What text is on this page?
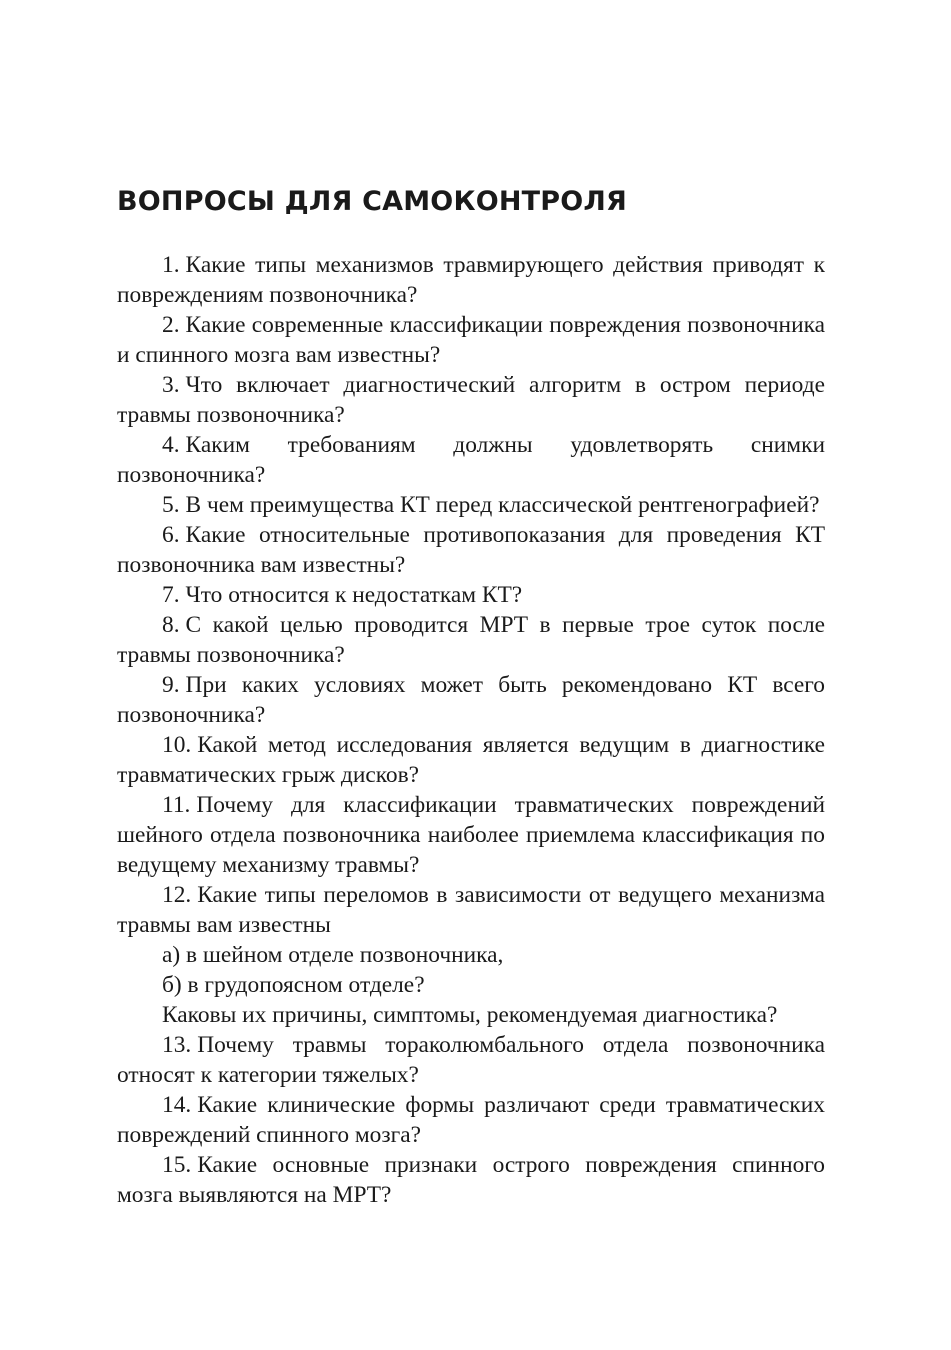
ВОПРОСЫ ДЛЯ САМОКОНТРОЛЯ

1. Какие типы механизмов травмирующего действия приводят к повреждениям позвоночника?

2. Какие современные классификации повреждения позвоночника и спинного мозга вам известны?

3. Что включает диагностический алгоритм в остром периоде травмы позвоночника?

4. Каким требованиям должны удовлетворять снимки позвоночника?

5. В чем преимущества КТ перед классической рентгенографией?

6. Какие относительные противопоказания для проведения КТ позвоночника вам известны?

7. Что относится к недостаткам КТ?

8. С какой целью проводится МРТ в первые трое суток после травмы позвоночника?

9. При каких условиях может быть рекомендовано КТ всего позвоночника?

10. Какой метод исследования является ведущим в диагностике травматических грыж дисков?

11. Почему для классификации травматических повреждений шейного отдела позвоночника наиболее приемлема классификация по ведущему механизму травмы?

12. Какие типы переломов в зависимости от ведущего механизма травмы вам известны

а) в шейном отделе позвоночника,

б) в грудопоясном отделе?

Каковы их причины, симптомы, рекомендуемая диагностика?

13. Почему травмы тораколюмбального отдела позвоночника относят к категории тяжелых?

14. Какие клинические формы различают среди травматических повреждений спинного мозга?

15. Какие основные признаки острого повреждения спинного мозга выявляются на МРТ?
